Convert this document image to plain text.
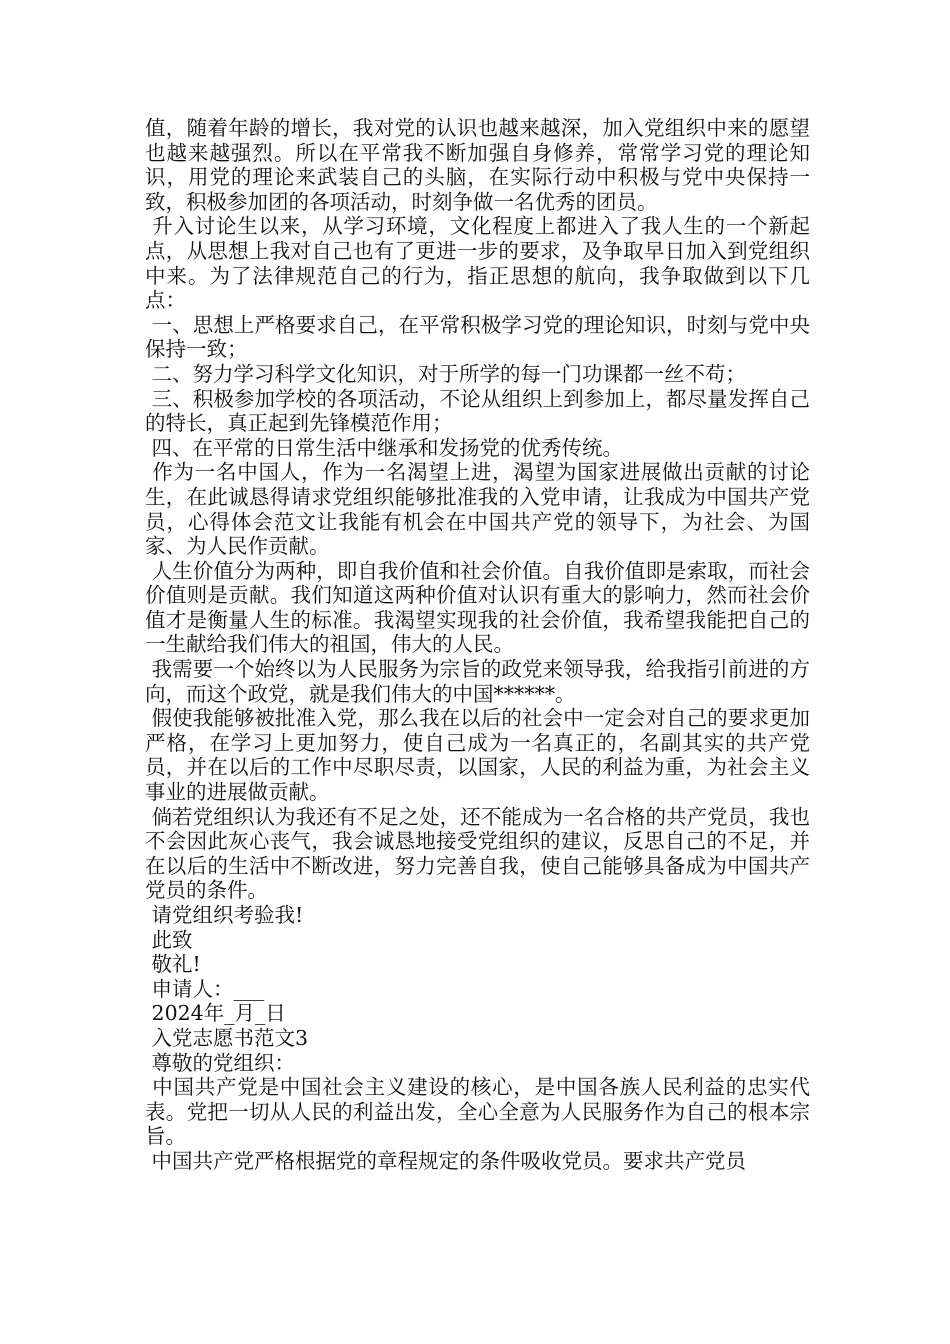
值，随着年龄的增长，我对党的认识也越来越深，加入党组织中来的愿望也越来越强烈。所以在平常我不断加强自身修养，常常学习党的理论知识，用党的理论来武装自己的头脑，在实际行动中积极与党中央保持一致，积极参加团的各项活动，时刻争做一名优秀的团员。

升入讨论生以来，从学习环境，文化程度上都进入了我人生的一个新起点，从思想上我对自己也有了更进一步的要求，及争取早日加入到党组织中来。为了法律规范自己的行为，指正思想的航向，我争取做到以下几点：

一、思想上严格要求自己，在平常积极学习党的理论知识，时刻与党中央保持一致；

二、努力学习科学文化知识，对于所学的每一门功课都一丝不苟；

三、积极参加学校的各项活动，不论从组织上到参加上，都尽量发挥自己的特长，真正起到先锋模范作用；

四、在平常的日常生活中继承和发扬党的优秀传统。

作为一名中国人，作为一名渴望上进，渴望为国家进展做出贡献的讨论生，在此诚恳得请求党组织能够批准我的入党申请，让我成为中国共产党员，心得体会范文让我能有机会在中国共产党的领导下，为社会、为国家、为人民作贡献。

人生价值分为两种，即自我价值和社会价值。自我价值即是索取，而社会价值则是贡献。我们知道这两种价值对认识有重大的影响力，然而社会价值才是衡量人生的标准。我渴望实现我的社会价值，我希望我能把自己的一生献给我们伟大的祖国，伟大的人民。

我需要一个始终以为人民服务为宗旨的政党来领导我，给我指引前进的方向，而这个政党，就是我们伟大的中国******。

假使我能够被批准入党，那么我在以后的社会中一定会对自己的要求更加严格，在学习上更加努力，使自己成为一名真正的，名副其实的共产党员，并在以后的工作中尽职尽责，以国家，人民的利益为重，为社会主义事业的进展做贡献。

倘若党组织认为我还有不足之处，还不能成为一名合格的共产党员，我也不会因此灰心丧气，我会诚恳地接受党组织的建议，反思自己的不足，并在以后的生活中不断改进，努力完善自我，使自己能够具备成为中国共产党员的条件。

请党组织考验我!

此致

敬礼!

申请人：___

2024年_月_日

入党志愿书范文3

尊敬的党组织：

中国共产党是中国社会主义建设的核心，是中国各族人民利益的忠实代表。党把一切从人民的利益出发，全心全意为人民服务作为自己的根本宗旨。

中国共产党严格根据党的章程规定的条件吸收党员。要求共产党员
